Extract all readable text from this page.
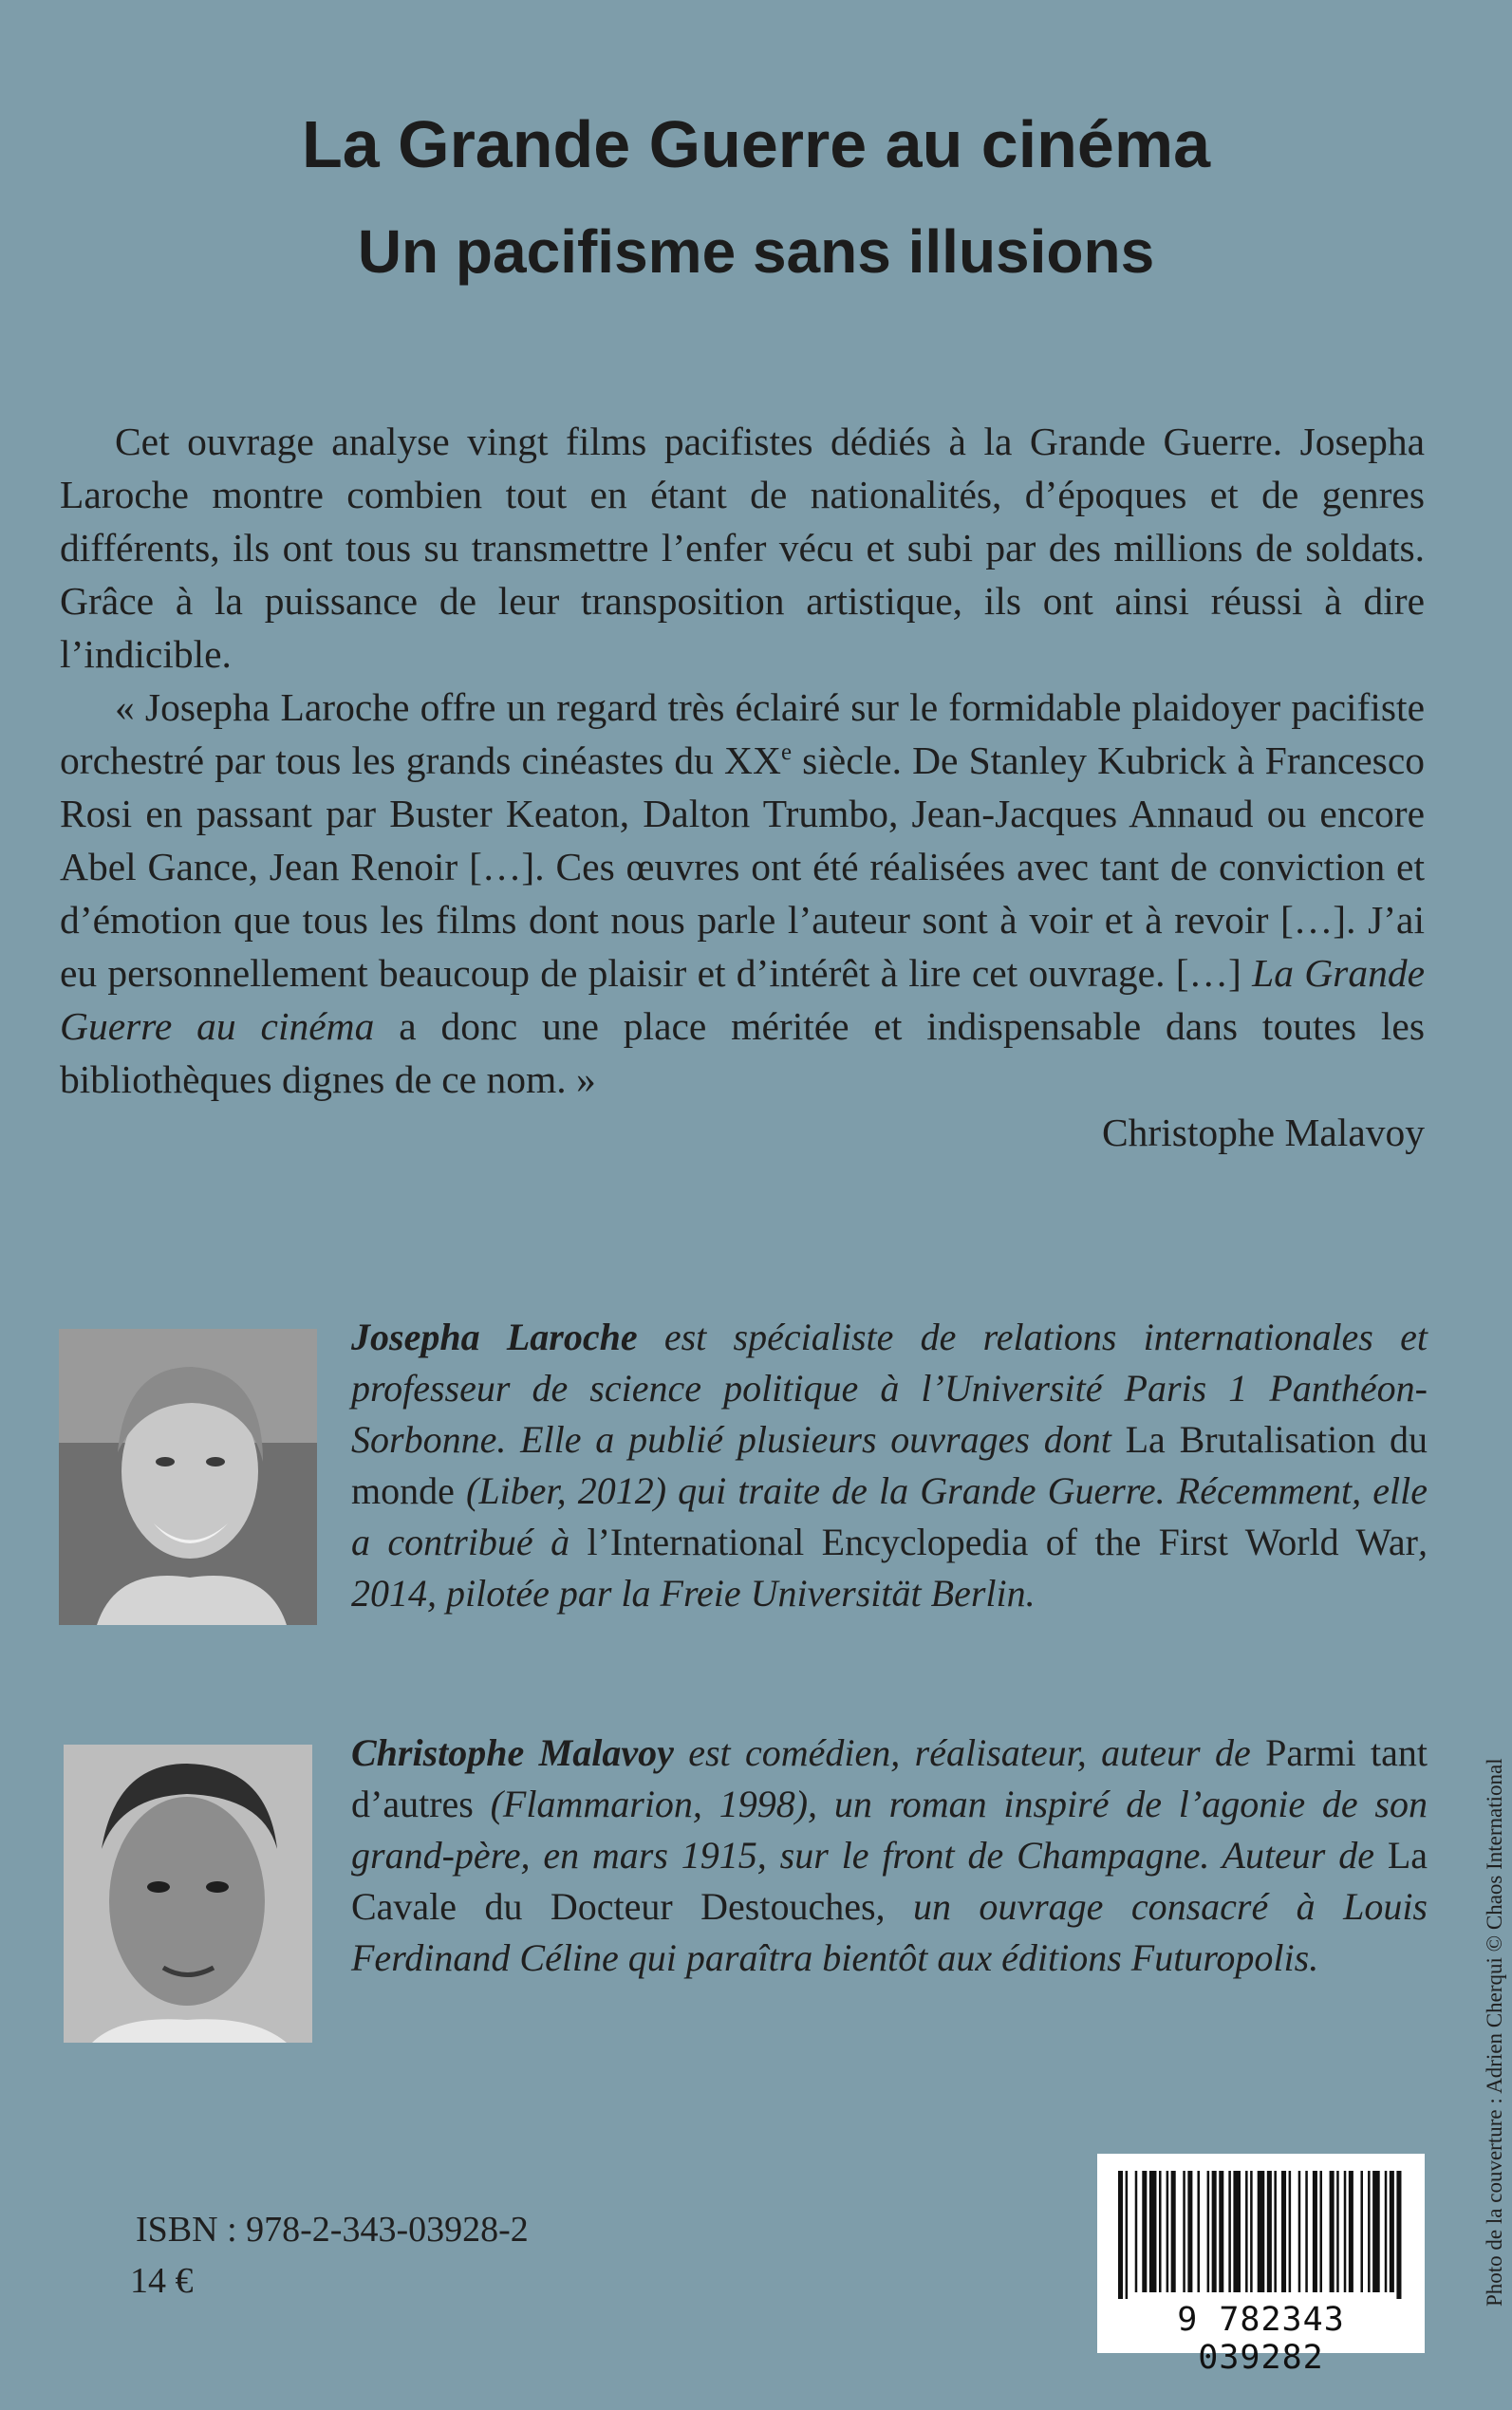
La Grande Guerre au cinéma
Un pacifisme sans illusions

Cet ouvrage analyse vingt films pacifistes dédiés à la Grande Guerre. Josepha Laroche montre combien tout en étant de nationalités, d’époques et de genres différents, ils ont tous su transmettre l’enfer vécu et subi par des millions de soldats. Grâce à la puissance de leur transposition artistique, ils ont ainsi réussi à dire l’indicible.

« Josepha Laroche offre un regard très éclairé sur le formidable plaidoyer pacifiste orchestré par tous les grands cinéastes du XXe siècle. De Stanley Kubrick à Francesco Rosi en passant par Buster Keaton, Dalton Trumbo, Jean-Jacques Annaud ou encore Abel Gance, Jean Renoir […]. Ces œuvres ont été réalisées avec tant de conviction et d’émotion que tous les films dont nous parle l’auteur sont à voir et à revoir […]. J’ai eu personnellement beaucoup de plaisir et d’intérêt à lire cet ouvrage. […] La Grande Guerre au cinéma a donc une place méritée et indispensable dans toutes les bibliothèques dignes de ce nom. »

Christophe Malavoy
Josepha Laroche est spécialiste de relations internationales et professeur de science politique à l’Université Paris 1 Panthéon-Sorbonne. Elle a publié plusieurs ouvrages dont La Brutalisation du monde (Liber, 2012) qui traite de la Grande Guerre. Récemment, elle a contribué à l’International Encyclopedia of the First World War, 2014, pilotée par la Freie Universität Berlin.
Christophe Malavoy est comédien, réalisateur, auteur de Parmi tant d’autres (Flammarion, 1998), un roman inspiré de l’agonie de son grand-père, en mars 1915, sur le front de Champagne. Auteur de La Cavale du Docteur Destouches, un ouvrage consacré à Louis Ferdinand Céline qui paraîtra bientôt aux éditions Futuropolis.	Photo de la couverture : Adrien Cherqui © Chaos International
ISBN : 978-2-343-03928-2
14 €
9 782343 039282
